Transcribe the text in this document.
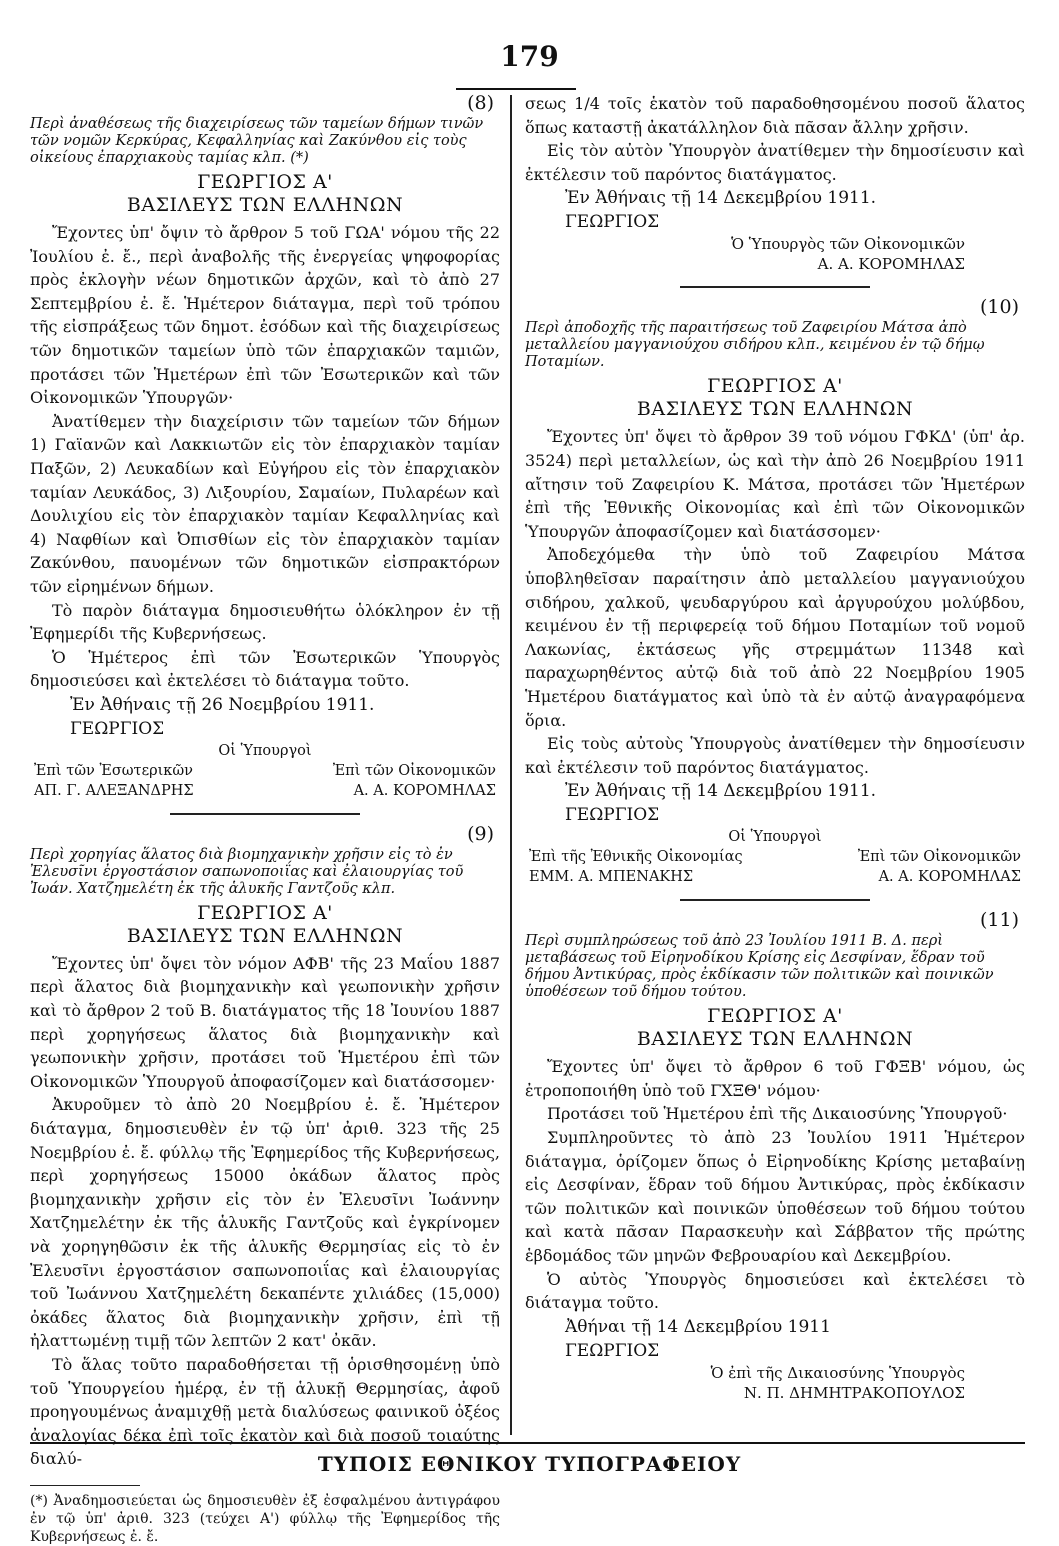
179
(8)
Περὶ ἀναθέσεως τῆς διαχειρίσεως τῶν ταμείων δήμων τινῶν τῶν νομῶν Κερκύρας, Κεφαλληνίας καὶ Ζακύνθου εἰς τοὺς οἰκείους ἐπαρχιακοὺς ταμίας κλπ. (*)
ΓΕΩΡΓΙΟΣ Α'
ΒΑΣΙΛΕΥΣ ΤΩΝ ΕΛΛΗΝΩΝ

Ἔχοντες ὑπ' ὄψιν τὸ ἄρθρον 5 τοῦ ΓΩΑ' νόμου τῆς 22 Ἰουλίου ἐ. ἔ., περὶ ἀναβολῆς τῆς ἐνεργείας ψηφοφορίας πρὸς ἐκλογὴν νέων δημοτικῶν ἀρχῶν, καὶ τὸ ἀπὸ 27 Σεπτεμβρίου ἐ. ἔ. Ἡμέτερον διάταγμα, περὶ τοῦ τρόπου τῆς εἰσπράξεως τῶν δημοτ. ἐσόδων καὶ τῆς διαχειρίσεως τῶν δημοτικῶν ταμείων ὑπὸ τῶν ἐπαρχιακῶν ταμιῶν, προτάσει τῶν Ἡμετέρων ἐπὶ τῶν Ἐσωτερικῶν καὶ τῶν Οἰκονομικῶν Ὑπουργῶν·

Ἀνατίθεμεν τὴν διαχείρισιν τῶν ταμείων τῶν δήμων 1) Γαϊανῶν καὶ Λακκιωτῶν εἰς τὸν ἐπαρχιακὸν ταμίαν Παξῶν, 2) Λευκαδίων καὶ Εὐγήρου εἰς τὸν ἐπαρχιακὸν ταμίαν Λευκάδος, 3) Λιξουρίου, Σαμαίων, Πυλαρέων καὶ Δουλιχίου εἰς τὸν ἐπαρχιακὸν ταμίαν Κεφαλληνίας καὶ 4) Ναφθίων καὶ Ὀπισθίων εἰς τὸν ἐπαρχιακὸν ταμίαν Ζακύνθου, παυομένων τῶν δημοτικῶν εἰσπρακτόρων τῶν εἰρημένων δήμων.

Τὸ παρὸν διάταγμα δημοσιευθήτω ὁλόκληρον ἐν τῇ Ἐφημερίδι τῆς Κυβερνήσεως.

Ὁ Ἡμέτερος ἐπὶ τῶν Ἐσωτερικῶν Ὑπουργὸς δημοσιεύσει καὶ ἐκτελέσει τὸ διάταγμα τοῦτο.

Ἐν Ἀθήναις τῇ 26 Νοεμβρίου 1911.
ΓΕΩΡΓΙΟΣ
Οἱ Ὑπουργοὶ
Ἐπὶ τῶν Ἐσωτερικῶν	Ἐπὶ τῶν Οἰκονομικῶν
ΑΠ. Γ. ΑΛΕΞΑΝΔΡΗΣ	Α. Α. ΚΟΡΟΜΗΛΑΣ
(9)
Περὶ χορηγίας ἅλατος διὰ βιομηχανικὴν χρῆσιν εἰς τὸ ἐν Ἐλευσῖνι ἐργοστάσιον σαπωνοποιΐας καὶ ἐλαιουργίας τοῦ Ἰωάν. Χατζημελέτη ἐκ τῆς ἁλυκῆς Γαντζοῦς κλπ.
ΓΕΩΡΓΙΟΣ Α'
ΒΑΣΙΛΕΥΣ ΤΩΝ ΕΛΛΗΝΩΝ

Ἔχοντες ὑπ' ὄψει τὸν νόμον ΑΦΒ' τῆς 23 Μαΐου 1887 περὶ ἅλατος διὰ βιομηχανικὴν καὶ γεωπονικὴν χρῆσιν καὶ τὸ ἄρθρον 2 τοῦ Β. διατάγματος τῆς 18 Ἰουνίου 1887 περὶ χορηγήσεως ἅλατος διὰ βιομηχανικὴν καὶ γεωπονικὴν χρῆσιν, προτάσει τοῦ Ἡμετέρου ἐπὶ τῶν Οἰκονομικῶν Ὑπουργοῦ ἀποφασίζομεν καὶ διατάσσομεν·

Ἀκυροῦμεν τὸ ἀπὸ 20 Νοεμβρίου ἐ. ἔ. Ἡμέτερον διάταγμα, δημοσιευθὲν ἐν τῷ ὑπ' ἀριθ. 323 τῆς 25 Νοεμβρίου ἐ. ἔ. φύλλῳ τῆς Ἐφημερίδος τῆς Κυβερνήσεως, περὶ χορηγήσεως 15000 ὀκάδων ἅλατος πρὸς βιομηχανικὴν χρῆσιν εἰς τὸν ἐν Ἐλευσῖνι Ἰωάννην Χατζημελέτην ἐκ τῆς ἁλυκῆς Γαντζοῦς καὶ ἐγκρίνομεν νὰ χορηγηθῶσιν ἐκ τῆς ἁλυκῆς Θερμησίας εἰς τὸ ἐν Ἐλευσῖνι ἐργοστάσιον σαπωνοποιΐας καὶ ἐλαιουργίας τοῦ Ἰωάννου Χατζημελέτη δεκαπέντε χιλιάδες (15,000) ὀκάδες ἅλατος διὰ βιομηχανικὴν χρῆσιν, ἐπὶ τῇ ἠλαττωμένῃ τιμῇ τῶν λεπτῶν 2 κατ' ὀκᾶν.

Τὸ ἅλας τοῦτο παραδοθήσεται τῇ ὁρισθησομένῃ ὑπὸ τοῦ Ὑπουργείου ἡμέρᾳ, ἐν τῇ ἁλυκῇ Θερμησίας, ἀφοῦ προηγουμένως ἀναμιχθῇ μετὰ διαλύσεως φαινικοῦ ὀξέος ἀναλογίας δέκα ἐπὶ τοῖς ἑκατὸν καὶ διὰ ποσοῦ τοιαύτης διαλύ-

(*) Ἀναδημοσιεύεται ὡς δημοσιευθὲν ἐξ ἐσφαλμένου ἀντιγράφου ἐν τῷ ὑπ' ἀριθ. 323 (τεύχει Α') φύλλῳ τῆς Ἐφημερίδος τῆς Κυβερνήσεως ἐ. ἔ.

σεως 1/4 τοῖς ἑκατὸν τοῦ παραδοθησομένου ποσοῦ ἅλατος ὅπως καταστῇ ἀκατάλληλον διὰ πᾶσαν ἄλλην χρῆσιν.

Εἰς τὸν αὐτὸν Ὑπουργὸν ἀνατίθεμεν τὴν δημοσίευσιν καὶ ἐκτέλεσιν τοῦ παρόντος διατάγματος.

Ἐν Ἀθήναις τῇ 14 Δεκεμβρίου 1911.
ΓΕΩΡΓΙΟΣ
Ὁ Ὑπουργὸς τῶν Οἰκονομικῶν
Α. Α. ΚΟΡΟΜΗΛΑΣ
(10)
Περὶ ἀποδοχῆς τῆς παραιτήσεως τοῦ Ζαφειρίου Μάτσα ἀπὸ μεταλλείου μαγγανιούχου σιδήρου κλπ., κειμένου ἐν τῷ δήμῳ Ποταμίων.
ΓΕΩΡΓΙΟΣ Α'
ΒΑΣΙΛΕΥΣ ΤΩΝ ΕΛΛΗΝΩΝ

Ἔχοντες ὑπ' ὄψει τὸ ἄρθρον 39 τοῦ νόμου ΓΦΚΔ' (ὑπ' ἀρ. 3524) περὶ μεταλλείων, ὡς καὶ τὴν ἀπὸ 26 Νοεμβρίου 1911 αἴτησιν τοῦ Ζαφειρίου Κ. Μάτσα, προτάσει τῶν Ἡμετέρων ἐπὶ τῆς Ἐθνικῆς Οἰκονομίας καὶ ἐπὶ τῶν Οἰκονομικῶν Ὑπουργῶν ἀποφασίζομεν καὶ διατάσσομεν·

Ἀποδεχόμεθα τὴν ὑπὸ τοῦ Ζαφειρίου Μάτσα ὑποβληθεῖσαν παραίτησιν ἀπὸ μεταλλείου μαγγανιούχου σιδήρου, χαλκοῦ, ψευδαργύρου καὶ ἀργυρούχου μολύβδου, κειμένου ἐν τῇ περιφερείᾳ τοῦ δήμου Ποταμίων τοῦ νομοῦ Λακωνίας, ἐκτάσεως γῆς στρεμμάτων 11348 καὶ παραχωρηθέντος αὐτῷ διὰ τοῦ ἀπὸ 22 Νοεμβρίου 1905 Ἡμετέρου διατάγματος καὶ ὑπὸ τὰ ἐν αὐτῷ ἀναγραφόμενα ὅρια.

Εἰς τοὺς αὐτοὺς Ὑπουργοὺς ἀνατίθεμεν τὴν δημοσίευσιν καὶ ἐκτέλεσιν τοῦ παρόντος διατάγματος.

Ἐν Ἀθήναις τῇ 14 Δεκεμβρίου 1911.
ΓΕΩΡΓΙΟΣ
Οἱ Ὑπουργοὶ
Ἐπὶ τῆς Ἐθνικῆς Οἰκονομίας	Ἐπὶ τῶν Οἰκονομικῶν
ΕΜΜ. Α. ΜΠΕΝΑΚΗΣ	Α. Α. ΚΟΡΟΜΗΛΑΣ
(11)
Περὶ συμπληρώσεως τοῦ ἀπὸ 23 Ἰουλίου 1911 Β. Δ. περὶ μεταβάσεως τοῦ Εἰρηνοδίκου Κρίσης εἰς Δεσφίναν, ἕδραν τοῦ δήμου Ἀντικύρας, πρὸς ἐκδίκασιν τῶν πολιτικῶν καὶ ποινικῶν ὑποθέσεων τοῦ δήμου τούτου.
ΓΕΩΡΓΙΟΣ Α'
ΒΑΣΙΛΕΥΣ ΤΩΝ ΕΛΛΗΝΩΝ

Ἔχοντες ὑπ' ὄψει τὸ ἄρθρον 6 τοῦ ΓΦΞΒ' νόμου, ὡς ἐτροποποιήθη ὑπὸ τοῦ ΓΧΞΘ' νόμου·

Προτάσει τοῦ Ἡμετέρου ἐπὶ τῆς Δικαιοσύνης Ὑπουργοῦ·

Συμπληροῦντες τὸ ἀπὸ 23 Ἰουλίου 1911 Ἡμέτερον διάταγμα, ὁρίζομεν ὅπως ὁ Εἰρηνοδίκης Κρίσης μεταβαίνῃ εἰς Δεσφίναν, ἕδραν τοῦ δήμου Ἀντικύρας, πρὸς ἐκδίκασιν τῶν πολιτικῶν καὶ ποινικῶν ὑποθέσεων τοῦ δήμου τούτου καὶ κατὰ πᾶσαν Παρασκευὴν καὶ Σάββατον τῆς πρώτης ἑβδομάδος τῶν μηνῶν Φεβρουαρίου καὶ Δεκεμβρίου.

Ὁ αὐτὸς Ὑπουργὸς δημοσιεύσει καὶ ἐκτελέσει τὸ διάταγμα τοῦτο.

Ἀθήναι τῇ 14 Δεκεμβρίου 1911
ΓΕΩΡΓΙΟΣ
Ὁ ἐπὶ τῆς Δικαιοσύνης Ὑπουργὸς
Ν. Π. ΔΗΜΗΤΡΑΚΟΠΟΥΛΟΣ
ΤΥΠΟΙΣ ΕΘΝΙΚΟΥ ΤΥΠΟΓΡΑΦΕΙΟΥ
